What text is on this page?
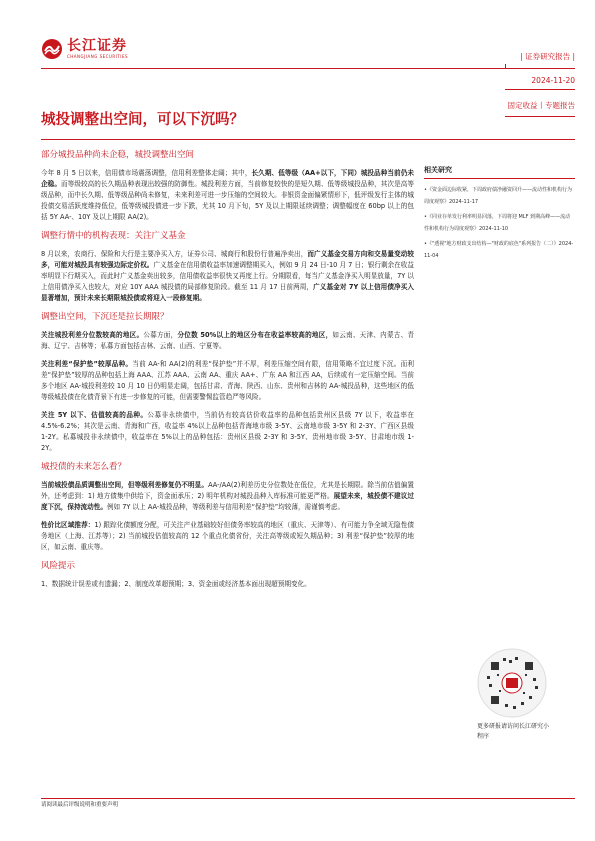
长江证券
CHANGJIANG SECURITIES	| 证券研究报告 |
2024-11-20
固定收益丨专题报告
城投调整出空间，可以下沉吗？
部分城投品种尚未企稳，城投调整出空间

今年 8 月 5 日以来，信用债市场震荡调整，信用利差整体走阔；其中，长久期、低等级（AA+以下，下同）城投品种当前仍未企稳。而等级较高的长久期品种表现出较强的防御性。城投利差方面，当前修复较快的是短久期、低等级城投品种，其次是高等级品种，而中长久期、低等级品种尚未修复，未来利差可进一步压缩的空间较大。非银资金面偏紧情形下，低评级发行主体的城投债交易活跃度维持低位，低等级城投债进一步下跌，尤其 10 月下旬，5Y 及以上期限延续调整；调整幅度在 60bp 以上的包括 5Y AA-、10Y 及以上期限 AA(2)。

调整行情中的机构表现：关注广义基金

8 月以来，农商行、保险和大行是主要净买入方，证券公司、城商行和股份行普遍净卖出，而广义基金交易方向和交易量变动较多，可能对城投具有较强边际定价权。广义基金在信用债收益率加速调整期买入，例如 9 月 24 日-10 月 7 日；银行剩余在收益率明显下行期买入，而此时广义基金卖出较多，信用债收益率很快又再度上行。分期限看，每当广义基金净买入明显放量，7Y 以上信用债净买入也较大，对应 10Y AAA 城投债的局部修复阶段。截至 11 月 17 日前两周，广义基金对 7Y 以上信用债净买入显著增加，预计未来长期限城投债或将迎入一段修复期。

调整出空间，下沉还是拉长期限？

关注城投利差分位数较高的地区。公募方面，分位数 50%以上的地区分布在收益率较高的地区，如云南、天津、内蒙古、青海、辽宁、吉林等；私募方面包括吉林、云南、山西、宁夏等。

关注利差“保护垫”较厚品种。当前 AA-和 AA(2)的利差“保护垫”并不厚，利差压缩空间有限，信用策略不宜过度下沉。而利差“保护垫”较厚的品种包括上海 AAA、江苏 AAA、云南 AA、重庆 AA+、广东 AA 和江西 AA，后续或有一定压缩空间。当前多个地区 AA-城投利差较 10 月 10 日仍明显走阔，包括甘肃、青海、陕西、山东、贵州和吉林的 AA-城投品种，这些地区的低等级城投债在化债背景下有进一步修复的可能，但需要警惕监管趋严等风险。

关注 5Y 以下、估值较高的品种。公募非永续债中，当前仍有较高估价收益率的品种包括贵州区县级 7Y 以下，收益率在 4.5%-6.2%；其次是云南、青海和广西，收益率 4%以上品种包括青海地市级 3-5Y、云南地市级 3-5Y 和 2-3Y、广西区县级 1-2Y。私募城投非永续债中，收益率在 5%以上的品种包括：贵州区县级 2-3Y 和 3-5Y、贵州地市级 3-5Y、甘肃地市级 1-2Y。

城投债的未来怎么看？

当前城投债品质调整出空间，但等级利差修复仍不明显。AA-/AA(2)利差历史分位数处在低位，尤其是长期限。除当前估值偏置外，还考虑到：1) 地方债集中供给下，资金面承压；2) 明年机构对城投品种入库标准可能更严格。展望未来，城投债不建议过度下沉，保持流动性。例如 7Y 以上 AA-城投品种，等级利差与信用利差“保护垫”均较薄，需谨慎考虑。

性价比区域推荐：1) 跟踪化债额度分配，可关注产业基础较好但债务率较高的地区（重庆、天津等）、有可能力争全域无隐性债务地区（上海、江苏等）；2) 当前城投估值较高的 12 个重点化债省份，关注高等级或短久期品种；3) 利差“保护垫”较厚的地区，如云南、重庆等。

风险提示

1、数据统计误差或有遗漏；2、制度改革超预期；3、资金面或经济基本面出现超预期变化。

相关研究
•《资金面边际收紧，下周政府债净融资回升——流动性和机构行为周度观察》2024-11-17
•《同业存单发行利率明显回落，下周将迎 MLF 到期高峰——流动性和机构行为周度观察》2024-11-10
•《"透视"地方财政支出结构—"财政的底色"系列报告（二）》2024-11-04
更多研报请访问长江研究小程序
请阅读最后评级说明和重要声明
